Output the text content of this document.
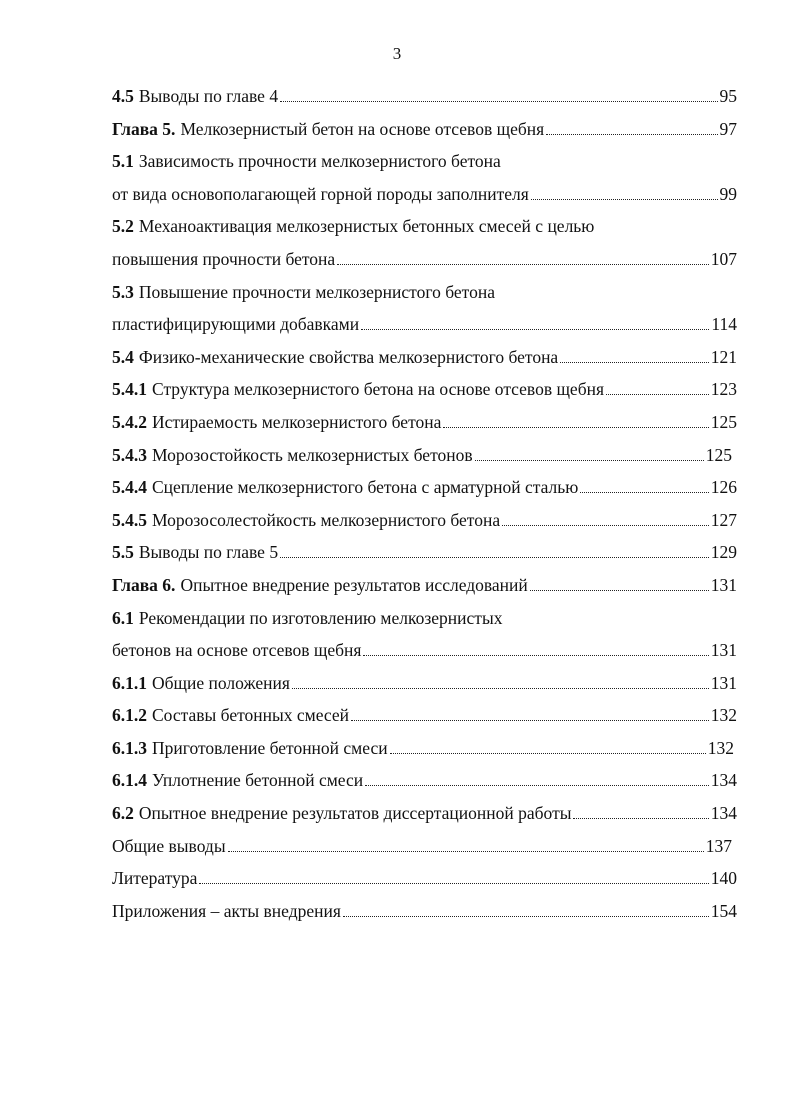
3
4.5 Выводы по главе 4	95
Глава 5. Мелкозернистый бетон на основе отсевов щебня	97
5.1 Зависимость прочности мелкозернистого бетона
от вида основополагающей горной породы заполнителя	99
5.2 Механоактивация мелкозернистых бетонных смесей с целью
повышения прочности бетона	107
5.3 Повышение прочности мелкозернистого бетона
пластифицирующими добавками	114
5.4 Физико-механические свойства мелкозернистого бетона	121
5.4.1 Структура мелкозернистого бетона на основе отсевов щебня	123
5.4.2 Истираемость мелкозернистого бетона	125
5.4.3 Морозостойкость мелкозернистых бетонов	125
5.4.4 Сцепление мелкозернистого бетона с арматурной сталью	126
5.4.5 Морозосолестойкость мелкозернистого бетона	127
5.5 Выводы по главе 5	129
Глава 6. Опытное внедрение результатов исследований	131
6.1 Рекомендации по изготовлению мелкозернистых
бетонов на основе отсевов щебня	131
6.1.1 Общие положения	131
6.1.2 Составы бетонных смесей	132
6.1.3 Приготовление бетонной смеси	132
6.1.4 Уплотнение бетонной смеси	134
6.2 Опытное внедрение результатов диссертационной работы	134
Общие выводы	137
Литература	140
Приложения – акты внедрения	154
